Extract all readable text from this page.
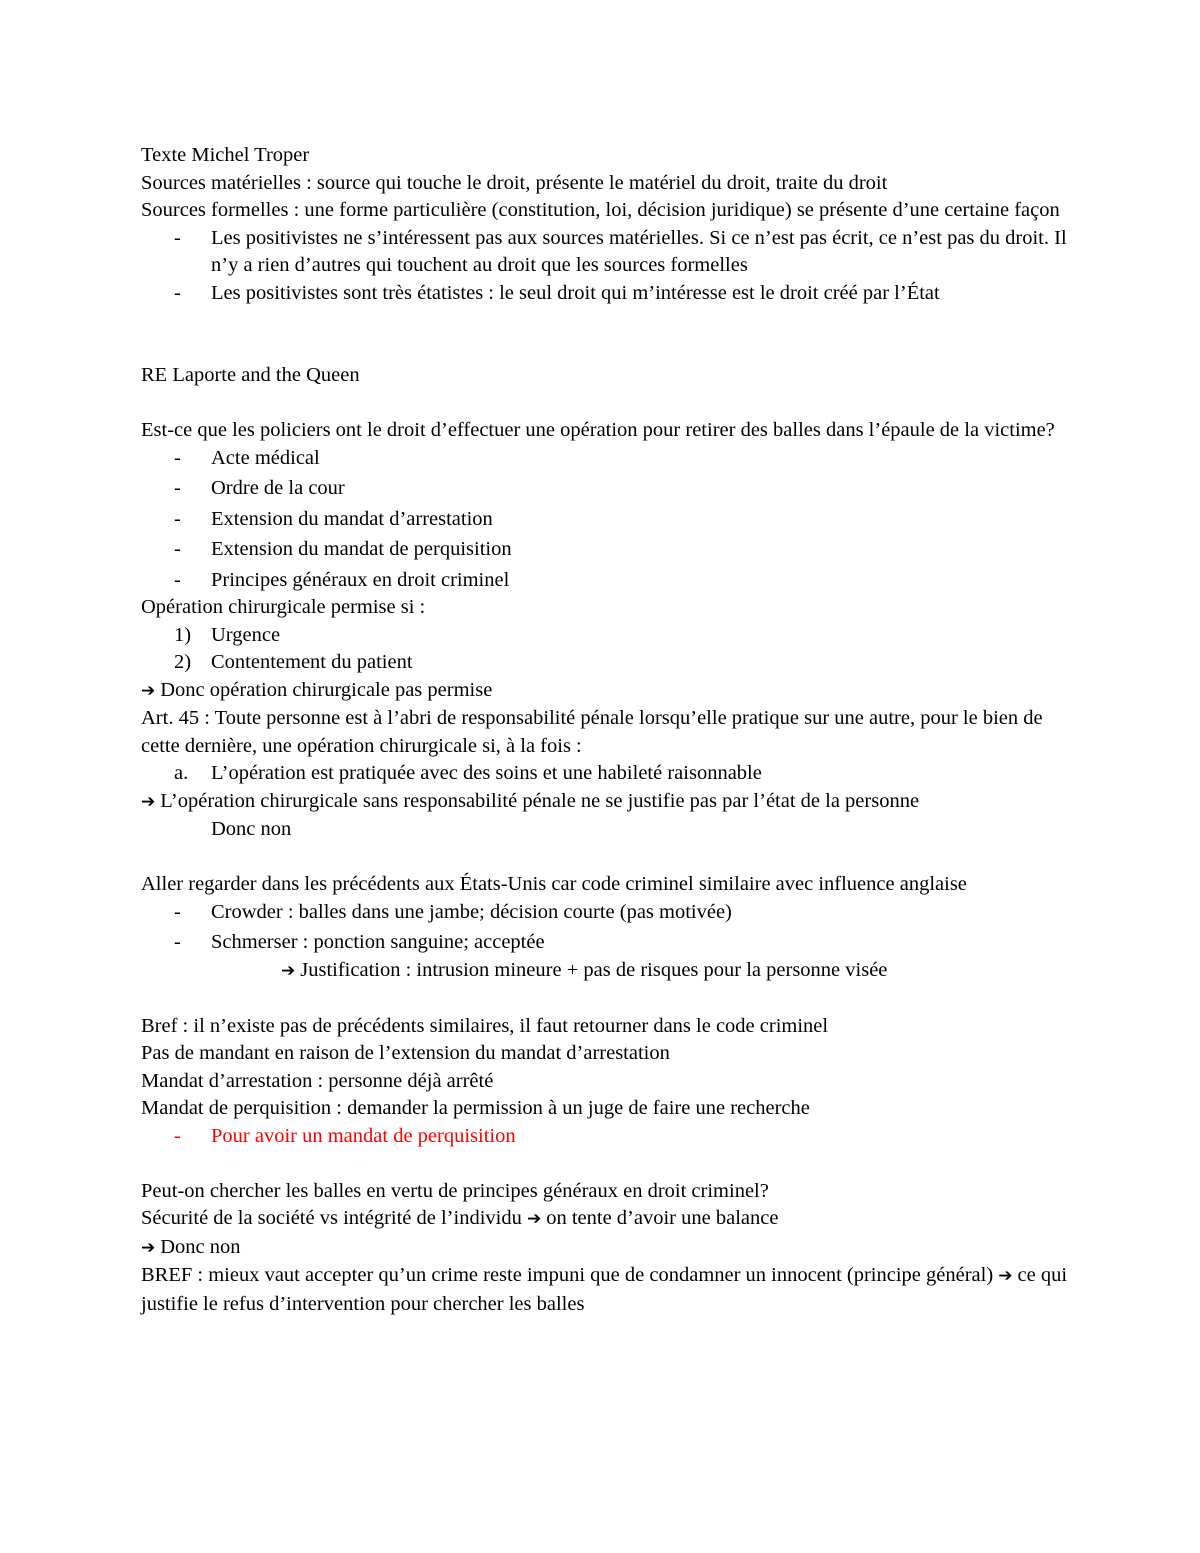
Texte Michel Troper

Sources matérielles : source qui touche le droit, présente le matériel du droit, traite du droit

Sources formelles : une forme particulière (constitution, loi, décision juridique) se présente d’une certaine façon

- Les positivistes ne s’intéressent pas aux sources matérielles. Si ce n’est pas écrit, ce n’est pas du droit. Il n’y a rien d’autres qui touchent au droit que les sources formelles
- Les positivistes sont très étatistes : le seul droit qui m’intéresse est le droit créé par l’État

RE Laporte and the Queen

Est-ce que les policiers ont le droit d’effectuer une opération pour retirer des balles dans l’épaule de la victime?

- Acte médical
- Ordre de la cour
- Extension du mandat d’arrestation
- Extension du mandat de perquisition
- Principes généraux en droit criminel

Opération chirurgicale permise si :

1) Urgence
2) Contentement du patient

➔ Donc opération chirurgicale pas permise

Art. 45 : Toute personne est à l’abri de responsabilité pénale lorsqu’elle pratique sur une autre, pour le bien de cette dernière, une opération chirurgicale si, à la fois :

a. L’opération est pratiquée avec des soins et une habileté raisonnable

➔ L’opération chirurgicale sans responsabilité pénale ne se justifie pas par l’état de la personne

Donc non

Aller regarder dans les précédents aux États-Unis car code criminel similaire avec influence anglaise

- Crowder : balles dans une jambe; décision courte (pas motivée)
- Schmerser : ponction sanguine; acceptée

➔ Justification : intrusion mineure + pas de risques pour la personne visée

Bref : il n’existe pas de précédents similaires, il faut retourner dans le code criminel

Pas de mandant en raison de l’extension du mandat d’arrestation

Mandat d’arrestation : personne déjà arrêté

Mandat de perquisition : demander la permission à un juge de faire une recherche

- Pour avoir un mandat de perquisition

Peut-on chercher les balles en vertu de principes généraux en droit criminel?

Sécurité de la société vs intégrité de l’individu ➔ on tente d’avoir une balance

➔ Donc non

BREF : mieux vaut accepter qu’un crime reste impuni que de condamner un innocent (principe général) ➔ ce qui justifie le refus d’intervention pour chercher les balles
